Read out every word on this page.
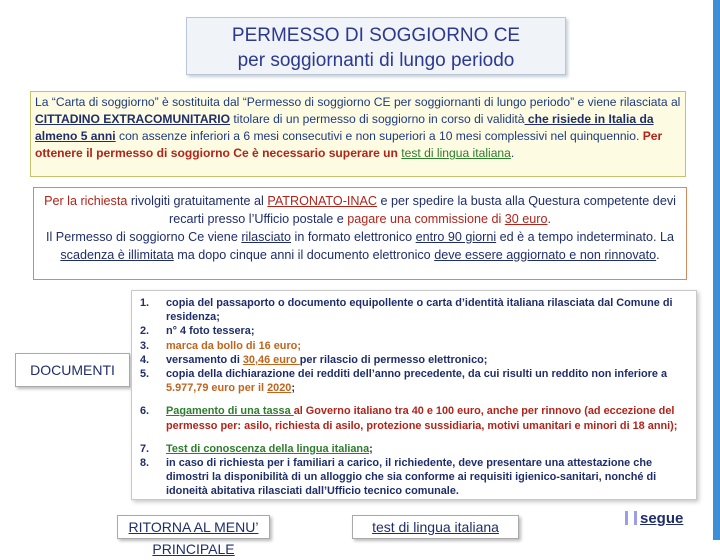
PERMESSO DI SOGGIORNO CE
per soggiornanti di lungo periodo
La “Carta di soggiorno” è sostituita dal “Permesso di soggiorno CE per soggiornanti di lungo periodo” e viene rilasciata al CITTADINO EXTRACOMUNITARIO titolare di un permesso di soggiorno in corso di validità che risiede in Italia da almeno 5 anni con assenze inferiori a 6 mesi consecutivi e non superiori a 10 mesi complessivi nel quinquennio. Per ottenere il permesso di soggiorno Ce è necessario superare un test di lingua italiana.
Per la richiesta rivolgiti gratuitamente al PATRONATO-INAC e per spedire la busta alla Questura competente devi recarti presso l’Ufficio postale e pagare una commissione di 30 euro.
Il Permesso di soggiorno Ce viene rilasciato in formato elettronico entro 90 giorni ed è a tempo indeterminato. La scadenza è illimitata ma dopo cinque anni il documento elettronico deve essere aggiornato e non rinnovato.
DOCUMENTI
1. copia del passaporto o documento equipollente o carta d’identità italiana rilasciata dal Comune di residenza;
2. n° 4 foto tessera;
3. marca da bollo di 16 euro;
4. versamento di 30,46 euro per rilascio di permesso elettronico;
5. copia della dichiarazione dei redditi dell’anno precedente, da cui risulti un reddito non inferiore a 5.977,79 euro per il 2020;
6. Pagamento di una tassa al Governo italiano tra 40 e 100 euro, anche per rinnovo (ad eccezione del permesso per: asilo, richiesta di asilo, protezione sussidiaria, motivi umanitari e minori di 18 anni);
7. Test di conoscenza della lingua italiana;
8. in caso di richiesta per i familiari a carico, il richiedente, deve presentare una attestazione che dimostri la disponibilità di un alloggio che sia conforme ai requisiti igienico-sanitari, nonché di idoneità abitativa rilasciati dall’Ufficio tecnico comunale.
RITORNA AL MENU’ PRINCIPALE
test di lingua italiana	segue
